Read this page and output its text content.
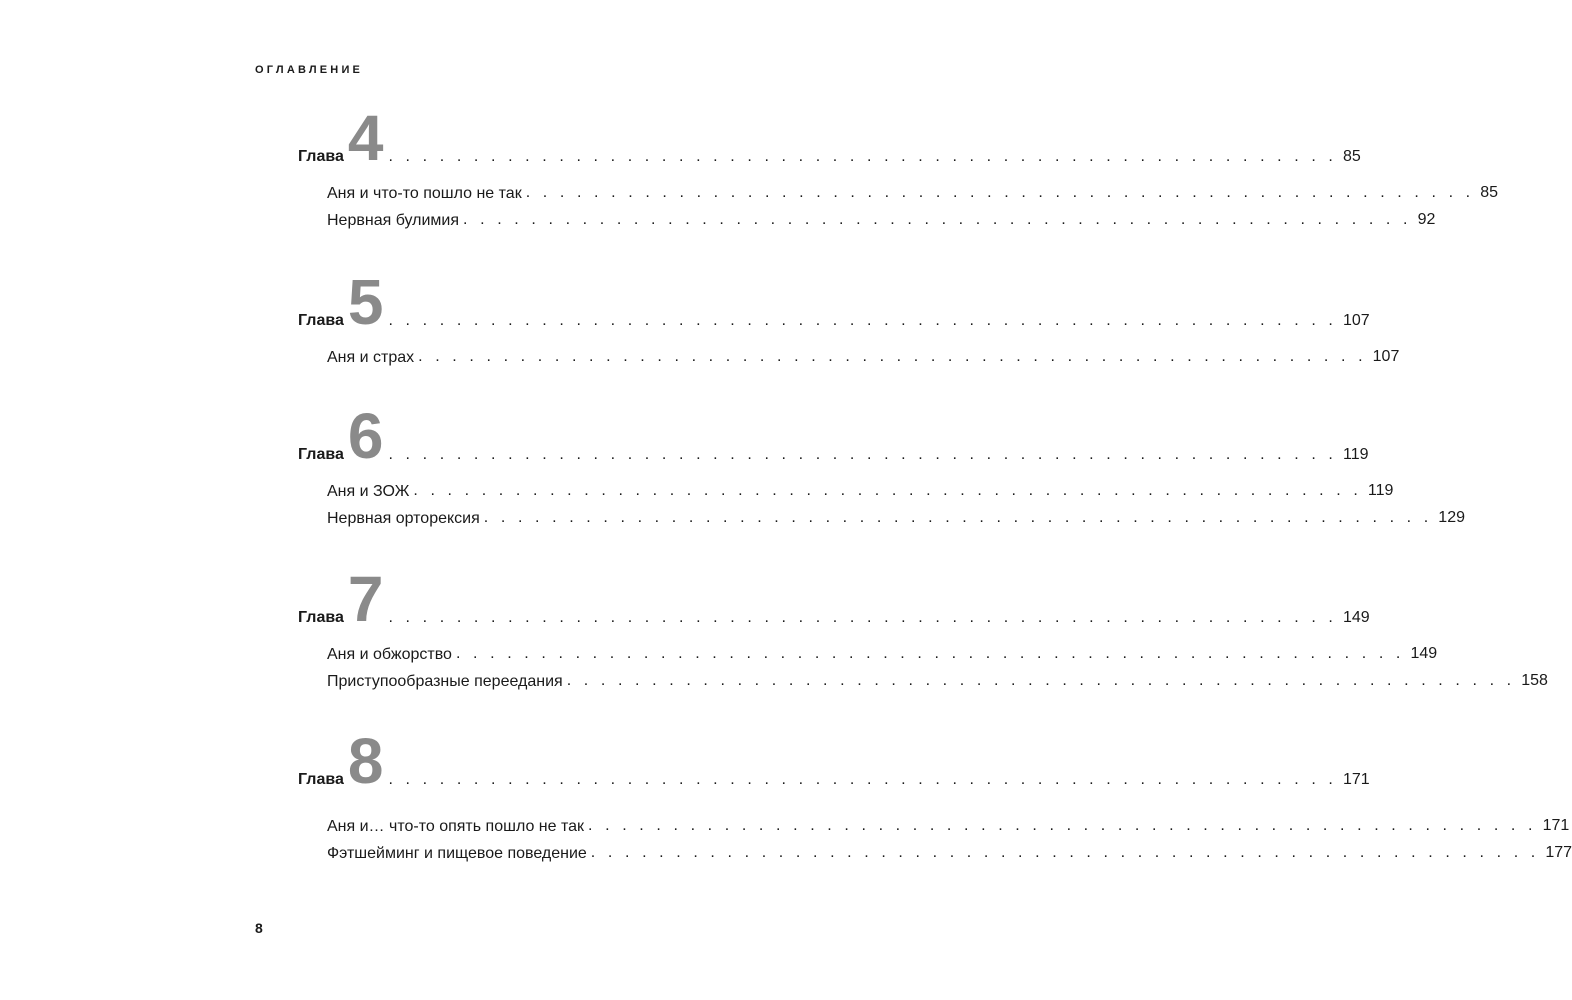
ОГЛАВЛЕНИЕ
Глава 4 . . . . . . . . . . . . . . . . . . . . . . . . . . . . . . . . . . . . . . . . . . . . . . . . . . . . . . . . 85
Аня и что-то пошло не так . . . . . . . . . . . . . . . . . . . . . . . . . . . . . . . . . . . . . . . . . . . . . . . . . . . . . . . . 85
Нервная булимия . . . . . . . . . . . . . . . . . . . . . . . . . . . . . . . . . . . . . . . . . . . . . . . . . . . . . . . . 92
Глава 5 . . . . . . . . . . . . . . . . . . . . . . . . . . . . . . . . . . . . . . . . . . . . . . . . . . . . . . . . 107
Аня и страх . . . . . . . . . . . . . . . . . . . . . . . . . . . . . . . . . . . . . . . . . . . . . . . . . . . . . . . . 107
Глава 6 . . . . . . . . . . . . . . . . . . . . . . . . . . . . . . . . . . . . . . . . . . . . . . . . . . . . . . . . 119
Аня и ЗОЖ . . . . . . . . . . . . . . . . . . . . . . . . . . . . . . . . . . . . . . . . . . . . . . . . . . . . . . . . 119
Нервная орторексия . . . . . . . . . . . . . . . . . . . . . . . . . . . . . . . . . . . . . . . . . . . . . . . . . . . . . . . . 129
Глава 7 . . . . . . . . . . . . . . . . . . . . . . . . . . . . . . . . . . . . . . . . . . . . . . . . . . . . . . . . 149
Аня и обжорство . . . . . . . . . . . . . . . . . . . . . . . . . . . . . . . . . . . . . . . . . . . . . . . . . . . . . . . . 149
Приступообразные переедания . . . . . . . . . . . . . . . . . . . . . . . . . . . . . . . . . . . . . . . . . . . . . . . . . . . . . . . . 158
Глава 8 . . . . . . . . . . . . . . . . . . . . . . . . . . . . . . . . . . . . . . . . . . . . . . . . . . . . . . . . 171
Аня и… что-то опять пошло не так . . . . . . . . . . . . . . . . . . . . . . . . . . . . . . . . . . . . . . . . . . . . . . . . . . . . . . . . 171
Фэтшейминг и пищевое поведение . . . . . . . . . . . . . . . . . . . . . . . . . . . . . . . . . . . . . . . . . . . . . . . . . . . . . . . . 177
8
